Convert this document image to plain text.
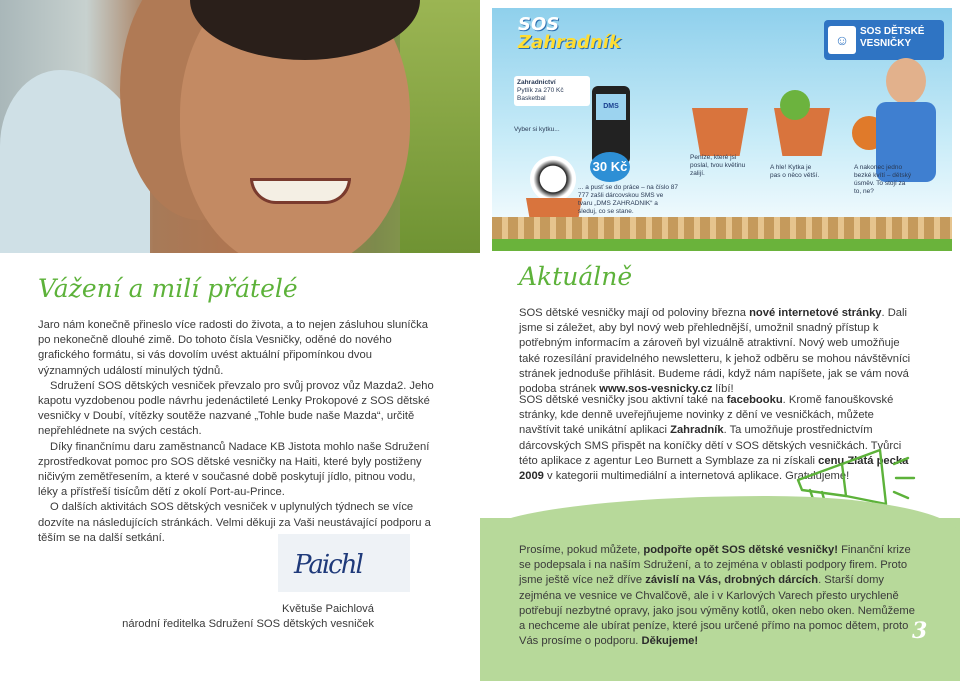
Vážení a milí přátelé
Jaro nám konečně přineslo více radosti do života, a to nejen zásluhou sluníčka po nekonečně dlouhé zimě. Do tohoto čísla Vesničky, oděné do nového grafického formátu, si vás dovolím uvést aktuální připomínkou dvou významných událostí minulých týdnů.
Sdružení SOS dětských vesniček převzalo pro svůj provoz vůz Mazda2. Jeho kapotu vyzdobenou podle návrhu jedenáctileté Lenky Prokopové z SOS dětské vesničky v Doubí, vítězky soutěže nazvané „Tohle bude naše Mazda“, určitě nepřehlédnete na svých cestách.
Díky finančnímu daru zaměstnanců Nadace KB Jistota mohlo naše Sdružení zprostředkovat pomoc pro SOS dětské vesničky na Haiti, které byly postiženy ničivým zemětřesením, a které v současné době poskytují jídlo, pitnou vodu, léky a přístřeší tisícům dětí z okolí Port-au-Prince.
O dalších aktivitách SOS dětských vesniček v uplynulých týdnech se více dozvíte na následujících stránkách. Velmi děkuji za Vaši neustávající podporu a těším se na další setkání.
Paichl
Květuše Paichlová
národní ředitelka Sdružení SOS dětských vesniček
SOS
Zahradník	☺
SOS DĚTSKÉ
VESNIČKY
Zahradnictví
Pytlík za 270 Kč
Basketbal
Vyber si kytku...
DMS
30 Kč
... a pusť se do práce – na číslo 87 777 zašli dárcovskou SMS ve tvaru „DMS ZAHRADNIK“ a sleduj, co se stane.
Peníze, které jsi poslal, tvou květinu zalijí.
A hle! Kytka je pas o něco větší.
A nakonec jedno bezké kvítí – dětský úsměv. To stojí za to, ne?
Aktuálně
SOS dětské vesničky mají od poloviny března nové internetové stránky. Dali jsme si záležet, aby byl nový web přehlednější, umožnil snadný přístup k potřebným informacím a zároveň byl vizuálně atraktivní. Nový web umožňuje také rozesílání pravidelného newsletteru, k jehož odběru se mohou návštěvníci stránek jednoduše přihlásit. Budeme rádi, když nám napíšete, jak se vám nová podoba stránek www.sos-vesnicky.cz líbí!
SOS dětské vesničky jsou aktivní také na facebooku. Kromě fanouškovské stránky, kde denně uveřejňujeme novinky z dění ve vesničkách, můžete navštívit také unikátní aplikaci Zahradník. Ta umožňuje prostřednictvím dárcovských SMS přispět na koníčky dětí v SOS dětských vesničkách. Tvůrci této aplikace z agentur Leo Burnett a Symblaze za ni získali cenu Zlatá pecka 2009 v kategorii multimediální a internetová aplikace. Gratulujeme!
Prosíme, pokud můžete, podpořte opět SOS dětské vesničky! Finanční krize se podepsala i na naším Sdružení, a to zejména v oblasti podpory firem. Proto jsme ještě více než dříve závislí na Vás, drobných dárcích. Starší domy zejména ve vesnice ve Chvalčově, ale i v Karlových Varech přesto urychleně potřebují nezbytné opravy, jako jsou výměny kotlů, oken nebo oken. Nemůžeme a nechceme ale ubírat peníze, které jsou určené přímo na pomoc dětem, proto Vás prosíme o podporu. Děkujeme!	3
